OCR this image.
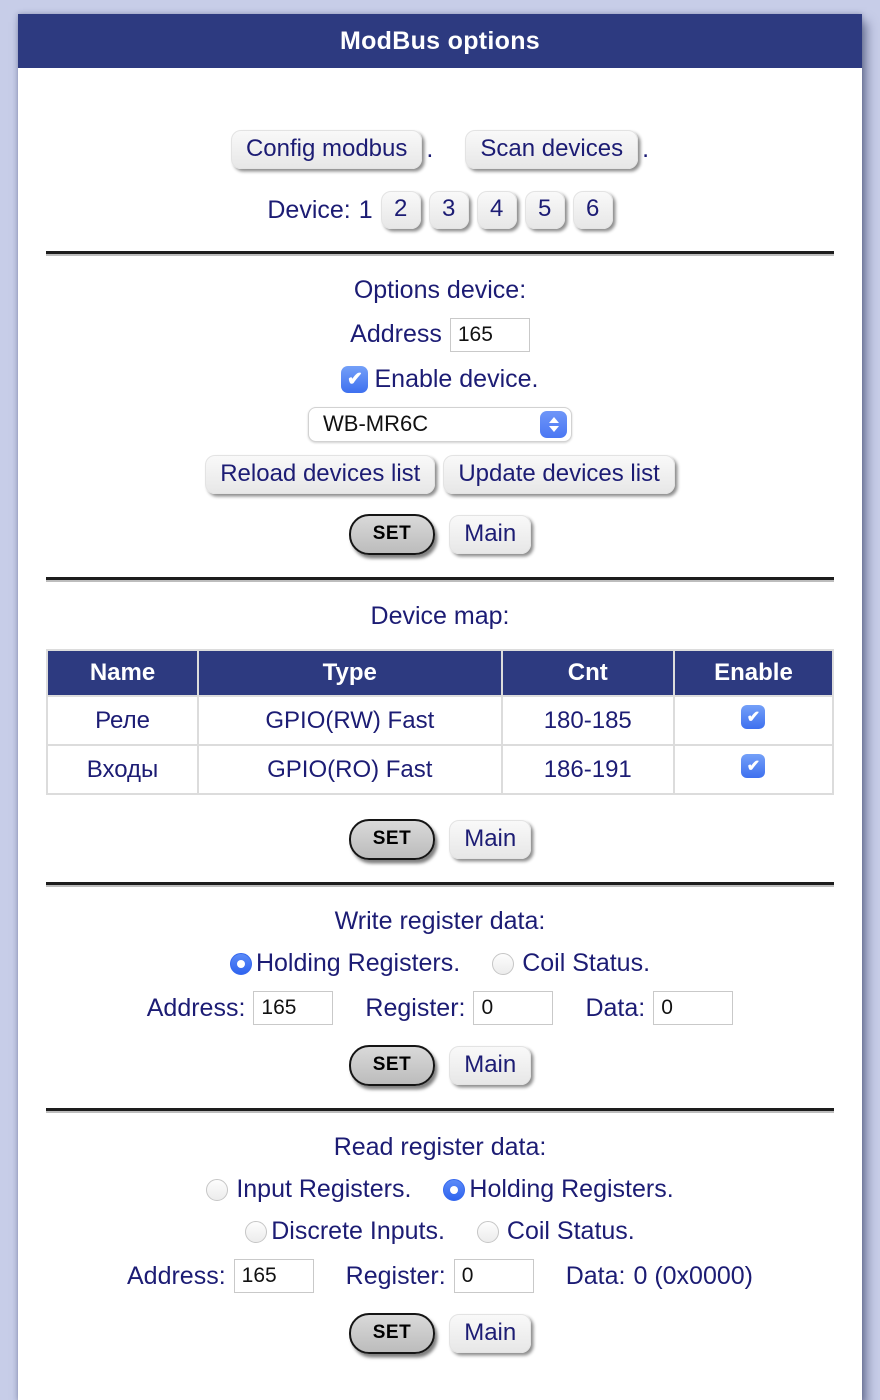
ModBus options
Config modbus .	Scan devices .
Device: 1 2	3	4	5	6
Options device:
Address
165
✔
Enable device.
WB-MR6C
Reload devices list	Update devices list
SET	Main
Device map:
Name	Type	Cnt	Enable
Реле	GPIO(RW) Fast	180-185	✔
Входы	GPIO(RO) Fast	186-191	✔
SET	Main
Write register data:
Holding Registers. Coil Status.
Address:
165	Register:
0	Data:
0
SET	Main
Read register data:
Input Registers. Holding Registers.
Discrete Inputs. Coil Status.
Address:
165	Register:
0	Data: 0 (0x0000)
SET	Main
